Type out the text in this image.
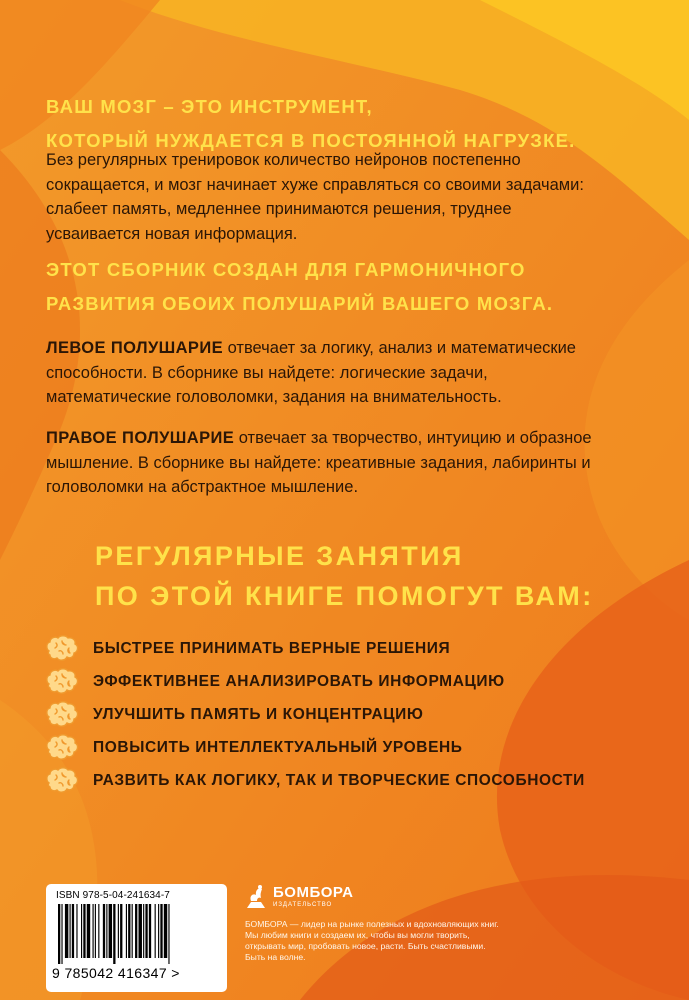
ВАШ МОЗГ – ЭТО ИНСТРУМЕНТ,
КОТОРЫЙ НУЖДАЕТСЯ В ПОСТОЯННОЙ НАГРУЗКЕ.
Без регулярных тренировок количество нейронов постепенно сокращается, и мозг начинает хуже справляться со своими задачами: слабеет память, медленнее принимаются решения, труднее усваивается новая информация.
ЭТОТ СБОРНИК СОЗДАН ДЛЯ ГАРМОНИЧНОГО
РАЗВИТИЯ ОБОИХ ПОЛУШАРИЙ ВАШЕГО МОЗГА.
ЛЕВОЕ ПОЛУШАРИЕ отвечает за логику, анализ и математические способности. В сборнике вы найдете: логические задачи, математические головоломки, задания на внимательность.
ПРАВОЕ ПОЛУШАРИЕ отвечает за творчество, интуицию и образное мышление. В сборнике вы найдете: креативные задания, лабиринты и головоломки на абстрактное мышление.
РЕГУЛЯРНЫЕ ЗАНЯТИЯ
ПО ЭТОЙ КНИГЕ ПОМОГУТ ВАМ:
БЫСТРЕЕ ПРИНИМАТЬ ВЕРНЫЕ РЕШЕНИЯ
ЭФФЕКТИВНЕЕ АНАЛИЗИРОВАТЬ ИНФОРМАЦИЮ
УЛУЧШИТЬ ПАМЯТЬ И КОНЦЕНТРАЦИЮ
ПОВЫСИТЬ ИНТЕЛЛЕКТУАЛЬНЫЙ УРОВЕНЬ
РАЗВИТЬ КАК ЛОГИКУ, ТАК И ТВОРЧЕСКИЕ СПОСОБНОСТИ
ISBN 978-5-04-241634-7
9 785042 416347 >
БОМБОРА
ИЗДАТЕЛЬСТВО
БОМБОРА — лидер на рынке полезных и вдохновляющих книг. Мы любим книги и создаем их, чтобы вы могли творить, открывать мир, пробовать новое, расти. Быть счастливыми. Быть на волне.
